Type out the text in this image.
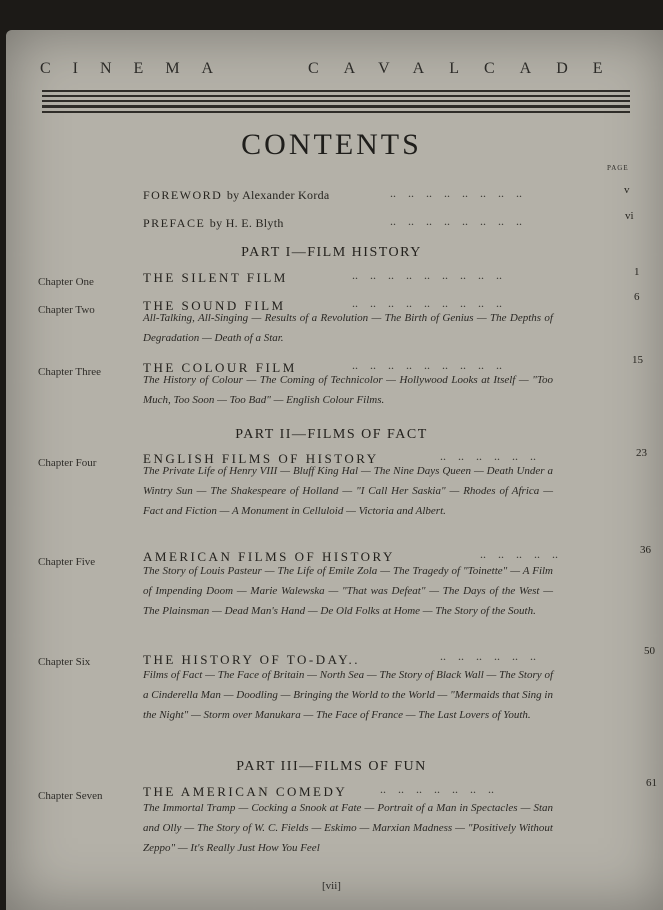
CINEMA	CAVALCADE
CONTENTS
PAGE
FOREWORD by Alexander Korda	..    ..    ..    ..    ..    ..    ..    ..	v
PREFACE by H. E. Blyth	..    ..    ..    ..    ..    ..    ..    ..	vi
PART I—FILM HISTORY
Chapter One	THE SILENT FILM	..    ..    ..    ..    ..    ..    ..    ..    ..	1
Chapter Two	THE SOUND FILM	..    ..    ..    ..    ..    ..    ..    ..    ..	6
All-Talking, All-Singing — Results of a Revolution — The Birth of Genius — The Depths of Degradation — Death of a Star.
Chapter Three	THE COLOUR FILM	..    ..    ..    ..    ..    ..    ..    ..    ..	15
The History of Colour — The Coming of Technicolor — Hollywood Looks at Itself — "Too Much, Too Soon — Too Bad" — English Colour Films.
PART II—FILMS OF FACT
Chapter Four	ENGLISH FILMS OF HISTORY	..    ..    ..    ..    ..    ..	23
The Private Life of Henry VIII — Bluff King Hal — The Nine Days Queen — Death Under a Wintry Sun — The Shakespeare of Holland — "I Call Her Saskia" — Rhodes of Africa — Fact and Fiction — A Monument in Celluloid — Victoria and Albert.
Chapter Five	AMERICAN FILMS OF HISTORY	..    ..    ..    ..    ..	36
The Story of Louis Pasteur — The Life of Emile Zola — The Tragedy of "Toinette" — A Film of Impending Doom — Marie Walewska — "That was Defeat" — The Days of the West — The Plainsman — Dead Man's Hand — De Old Folks at Home — The Story of the South.
Chapter Six	THE HISTORY OF TO-DAY..	..    ..    ..    ..    ..    ..	50
Films of Fact — The Face of Britain — North Sea — The Story of Black Wall — The Story of a Cinderella Man — Doodling — Bringing the World to the World — "Mermaids that Sing in the Night" — Storm over Manukara — The Face of France — The Last Lovers of Youth.
PART III—FILMS OF FUN
Chapter Seven	THE AMERICAN COMEDY	..    ..    ..    ..    ..    ..    ..	61
The Immortal Tramp — Cocking a Snook at Fate — Portrait of a Man in Spectacles — Stan and Olly — The Story of W. C. Fields — Eskimo — Marxian Madness — "Positively Without Zeppo" — It's Really Just How You Feel
[vii]
